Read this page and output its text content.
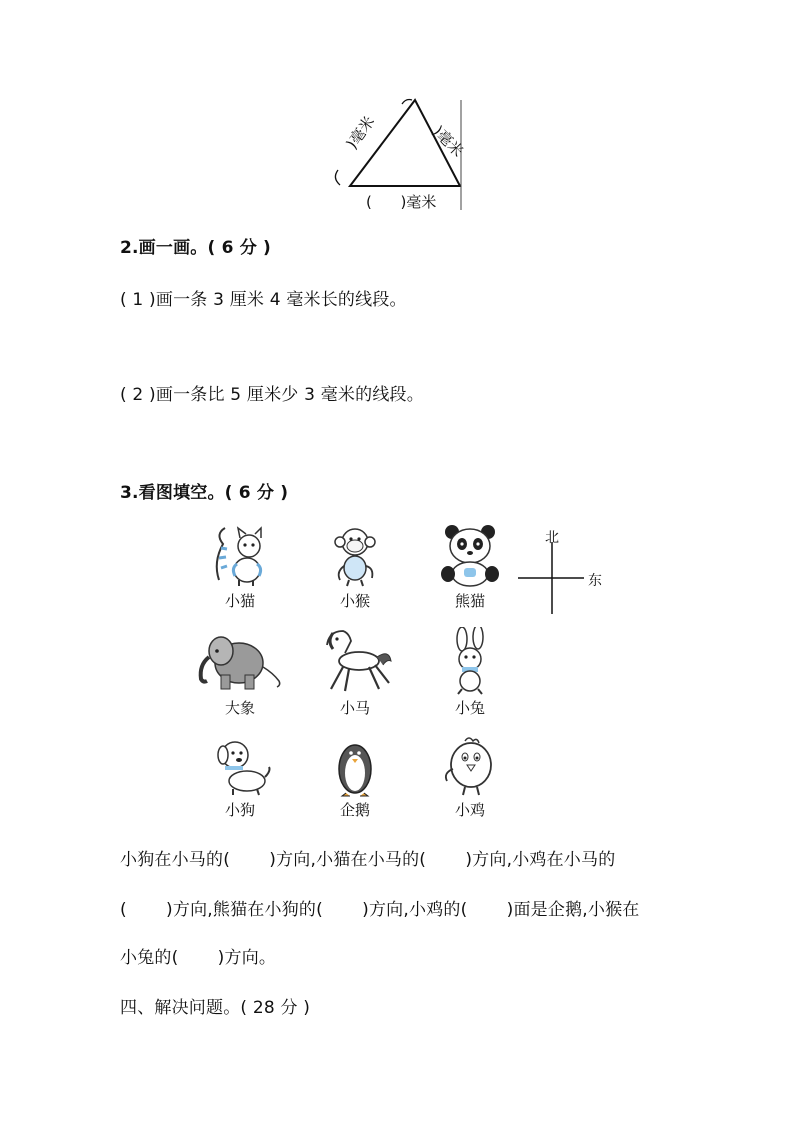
)毫米	)毫米
(      )毫米
2.画一画。( 6 分 )
( 1 )画一条 3 厘米 4 毫米长的线段。
( 2 )画一条比 5 厘米少 3 毫米的线段。
3.看图填空。( 6 分 )
北
东
小猫	小猴	熊猫
大象	小马	小兔
小狗	企鹅	小鸡
小狗在小马的(       )方向,小猫在小马的(       )方向,小鸡在小马的
(       )方向,熊猫在小狗的(       )方向,小鸡的(       )面是企鹅,小猴在
小兔的(       )方向。
四、解决问题。( 28 分 )
